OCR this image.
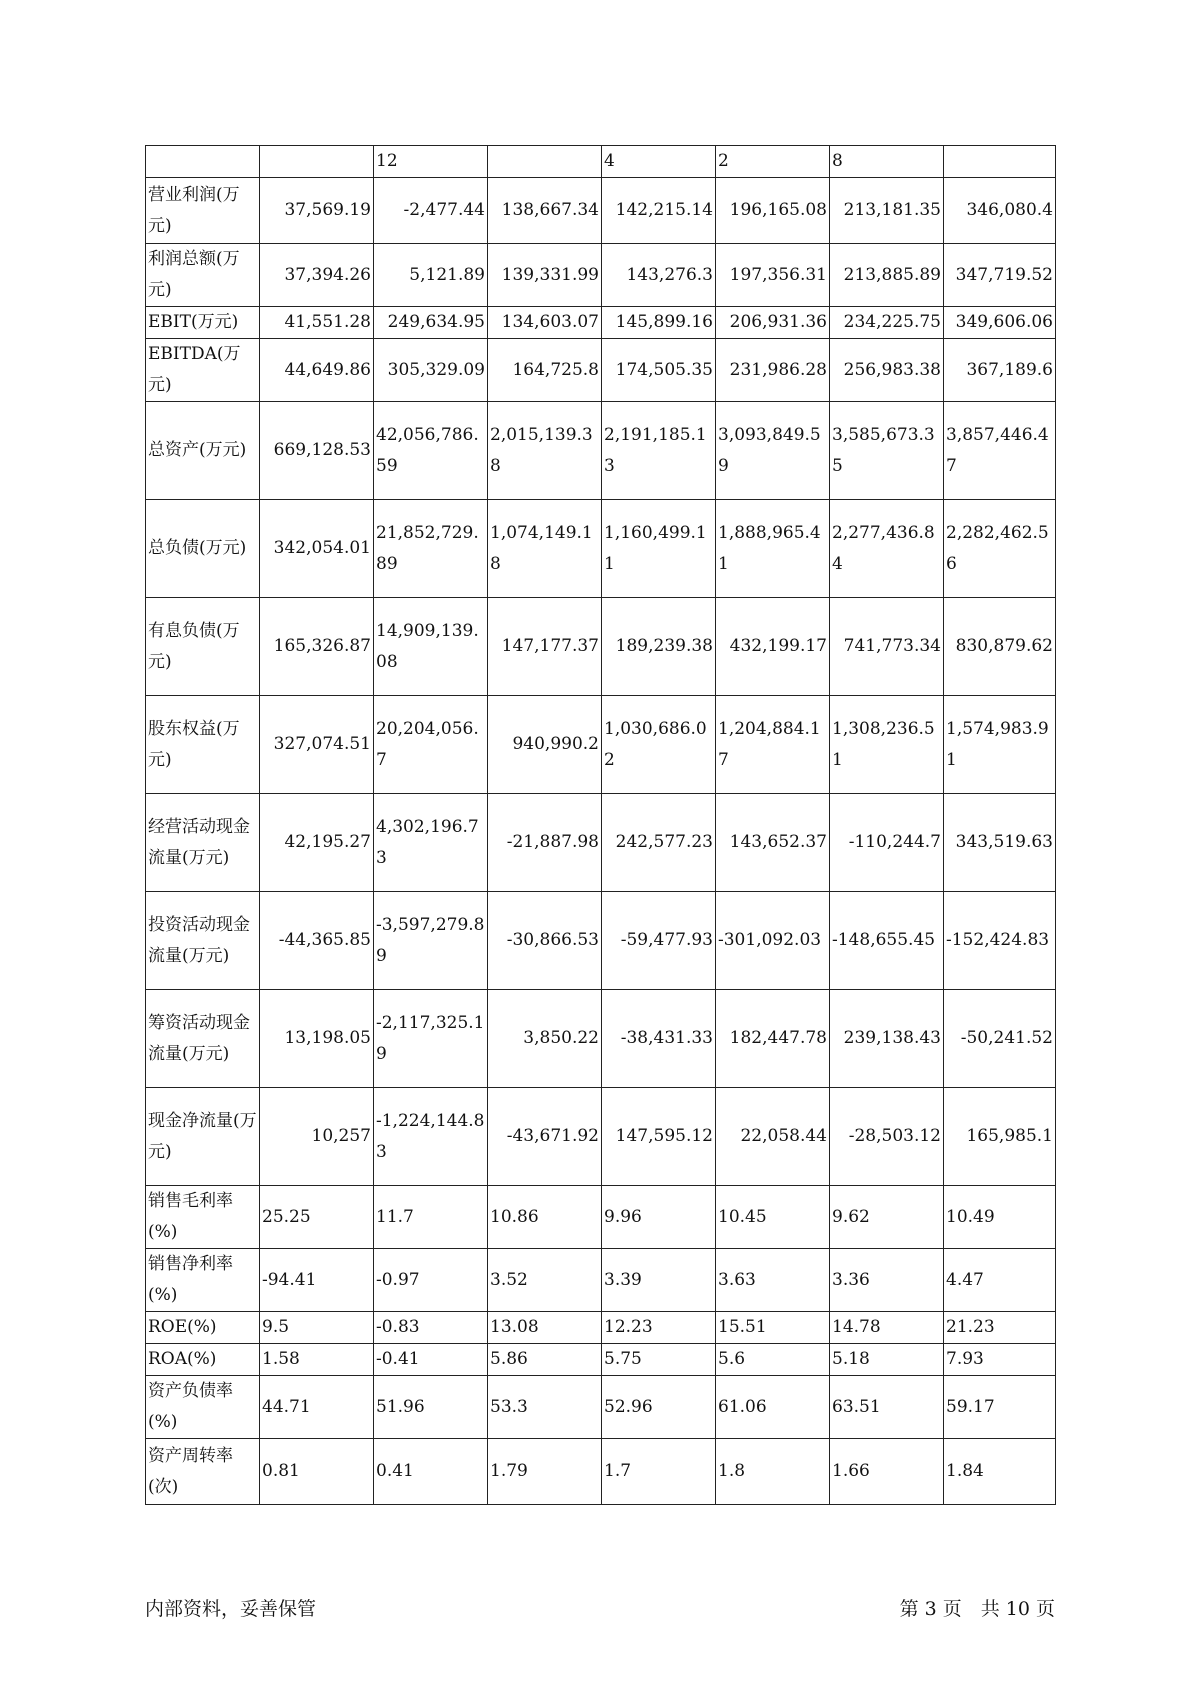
		12		4	2	8	
营业利润(万元)	37,569.19	-2,477.44	138,667.34	142,215.14	196,165.08	213,181.35	346,080.4
利润总额(万元)	37,394.26	5,121.89	139,331.99	143,276.3	197,356.31	213,885.89	347,719.52
EBIT(万元)	41,551.28	249,634.95	134,603.07	145,899.16	206,931.36	234,225.75	349,606.06
EBITDA(万元)	44,649.86	305,329.09	164,725.8	174,505.35	231,986.28	256,983.38	367,189.6
总资产(万元)	669,128.53	42,056,786.59	2,015,139.38	2,191,185.13	3,093,849.59	3,585,673.35	3,857,446.47
总负债(万元)	342,054.01	21,852,729.89	1,074,149.18	1,160,499.11	1,888,965.41	2,277,436.84	2,282,462.56
有息负债(万元)	165,326.87	14,909,139.08	147,177.37	189,239.38	432,199.17	741,773.34	830,879.62
股东权益(万元)	327,074.51	20,204,056.7	940,990.2	1,030,686.02	1,204,884.17	1,308,236.51	1,574,983.91
经营活动现金流量(万元)	42,195.27	4,302,196.73	-21,887.98	242,577.23	143,652.37	-110,244.7	343,519.63
投资活动现金流量(万元)	-44,365.85	-3,597,279.89	-30,866.53	-59,477.93	-301,092.03	-148,655.45	-152,424.83
筹资活动现金流量(万元)	13,198.05	-2,117,325.19	3,850.22	-38,431.33	182,447.78	239,138.43	-50,241.52
现金净流量(万元)	10,257	-1,224,144.83	-43,671.92	147,595.12	22,058.44	-28,503.12	165,985.1
销售毛利率(%)	25.25	11.7	10.86	9.96	10.45	9.62	10.49
销售净利率(%)	-94.41	-0.97	3.52	3.39	3.63	3.36	4.47
ROE(%)	9.5	-0.83	13.08	12.23	15.51	14.78	21.23
ROA(%)	1.58	-0.41	5.86	5.75	5.6	5.18	7.93
资产负债率(%)	44.71	51.96	53.3	52.96	61.06	63.51	59.17
资产周转率(次)	0.81	0.41	1.79	1.7	1.8	1.66	1.84
内部资料，妥善保管	第 3 页　共 10 页
